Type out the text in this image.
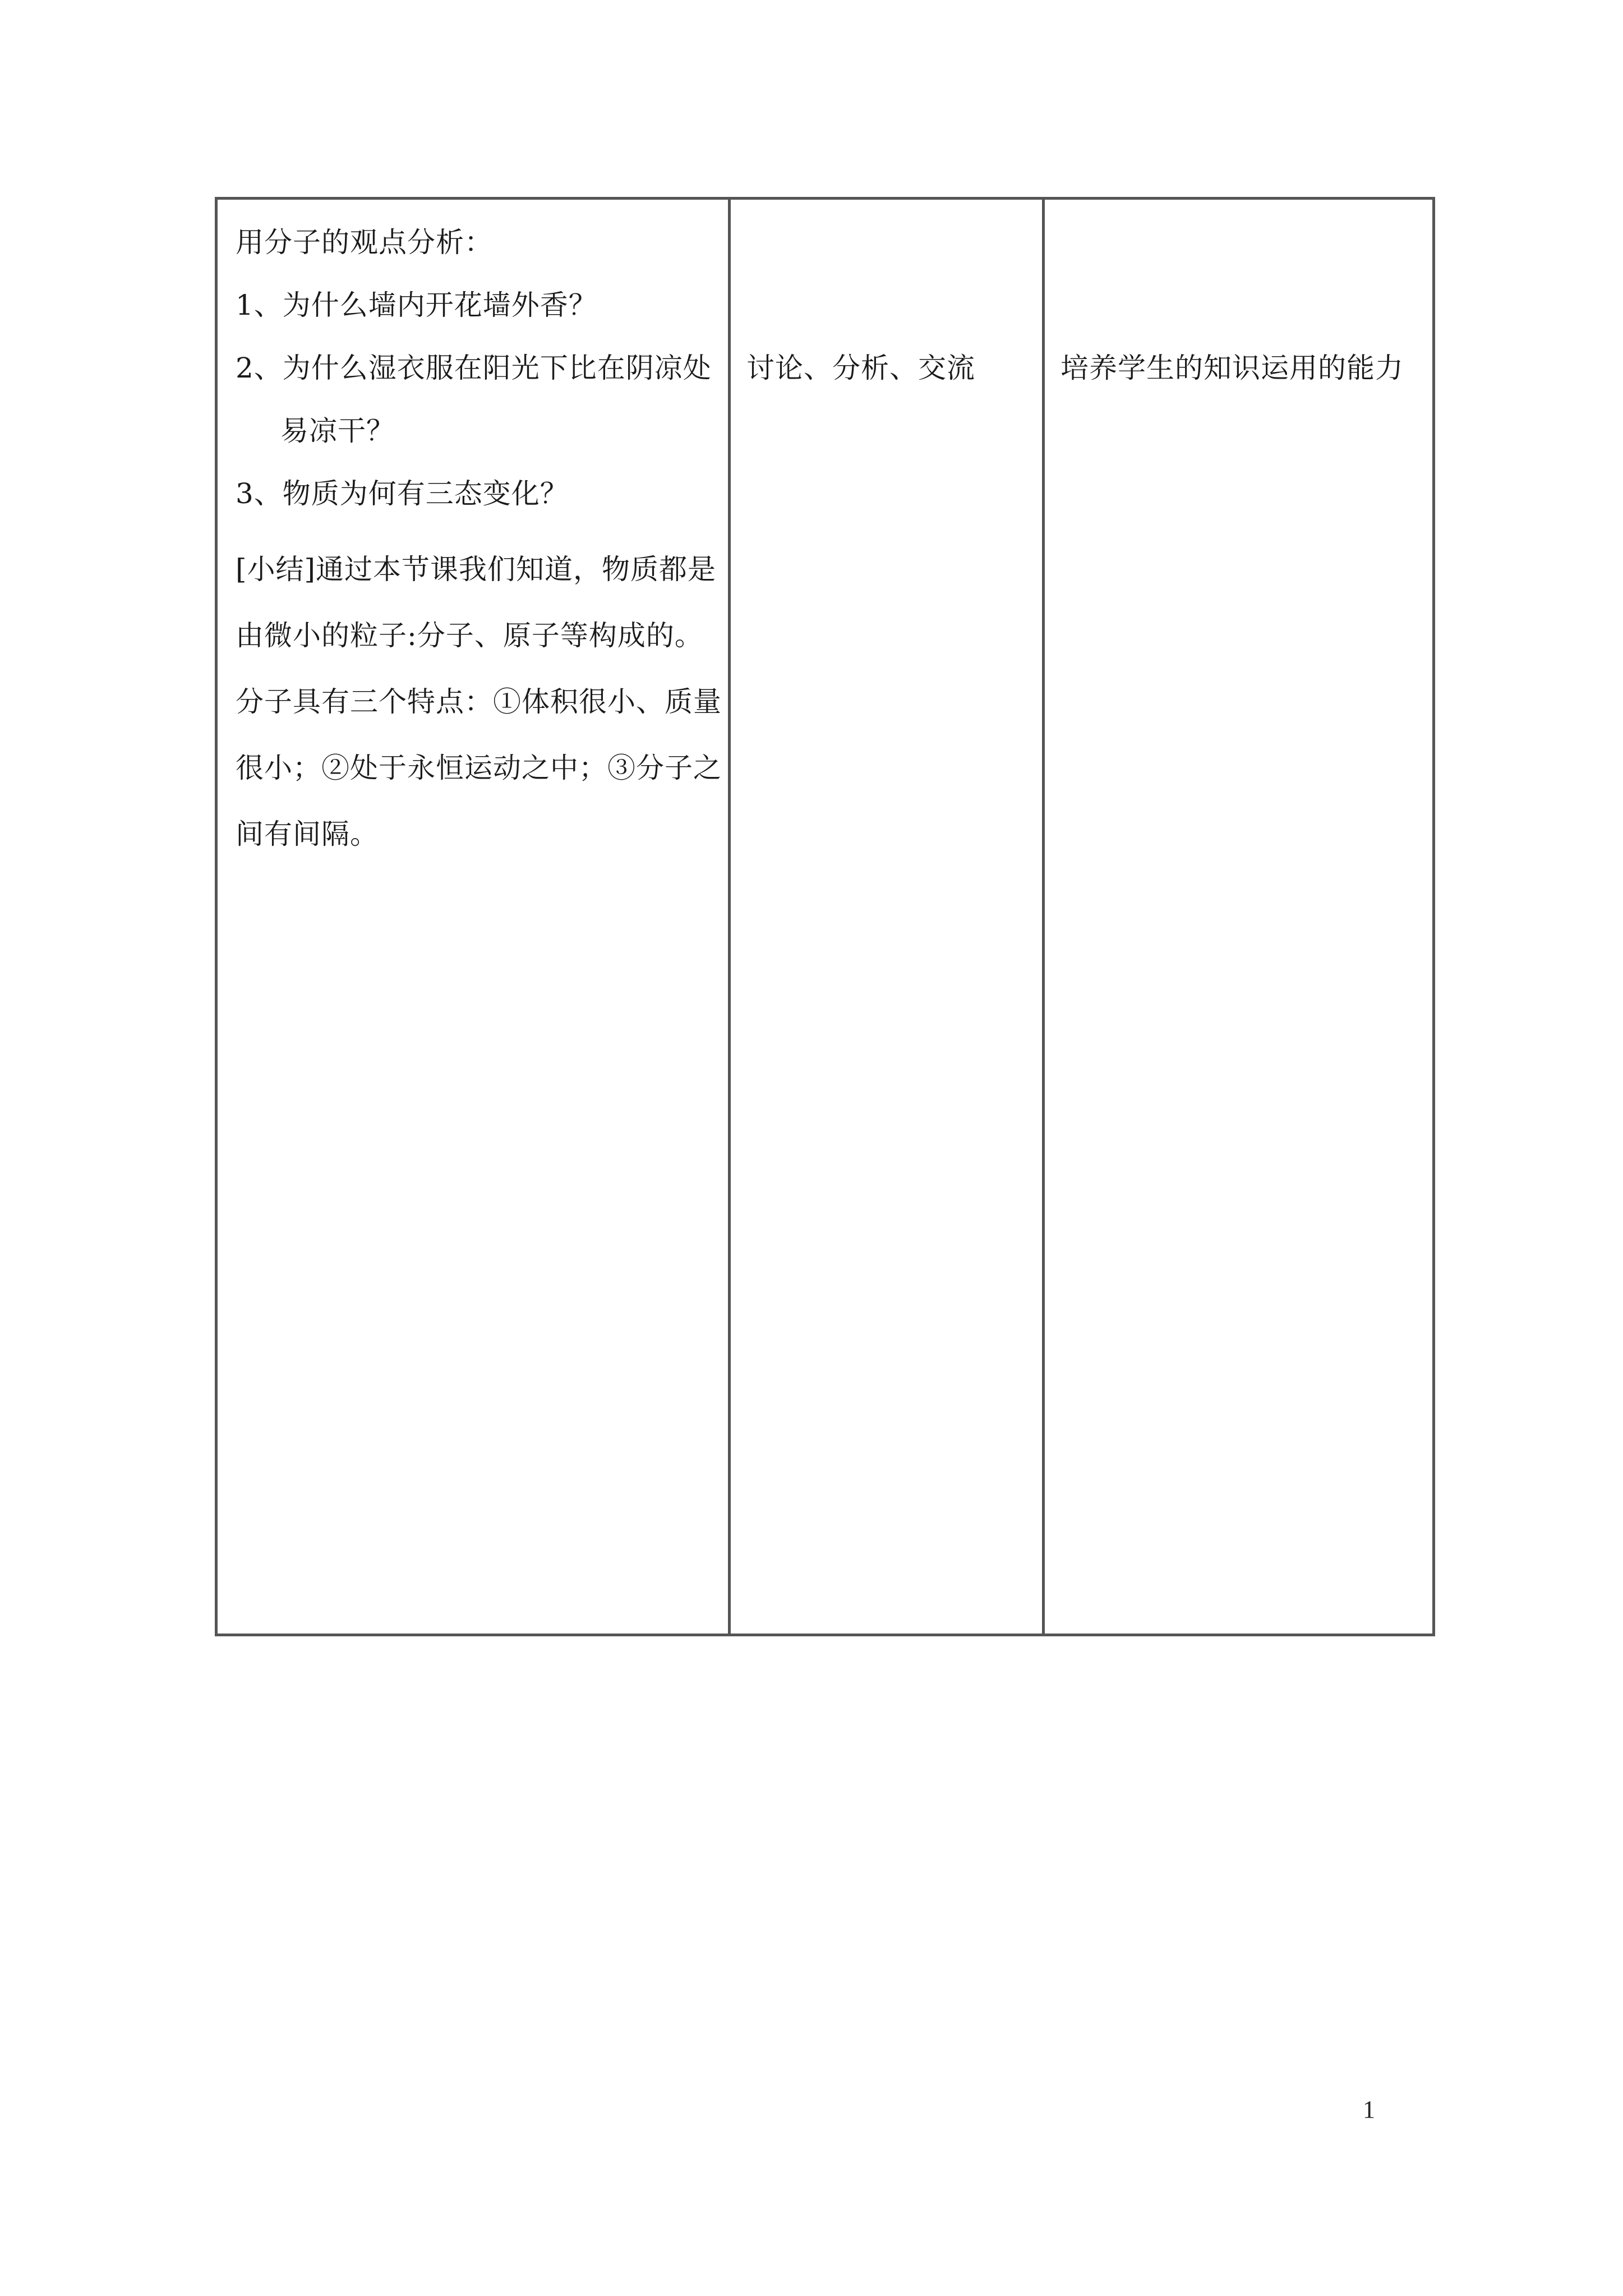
用分子的观点分析：
1、为什么墙内开花墙外香？
2、为什么湿衣服在阳光下比在阴凉处
易凉干？
3、物质为何有三态变化？
[小结]通过本节课我们知道，物质都是
由微小的粒子:分子、原子等构成的。
分子具有三个特点：①体积很小、质量
很小；②处于永恒运动之中；③分子之
间有间隔。

讨论、分析、交流	培养学生的知识运用的能力
1
